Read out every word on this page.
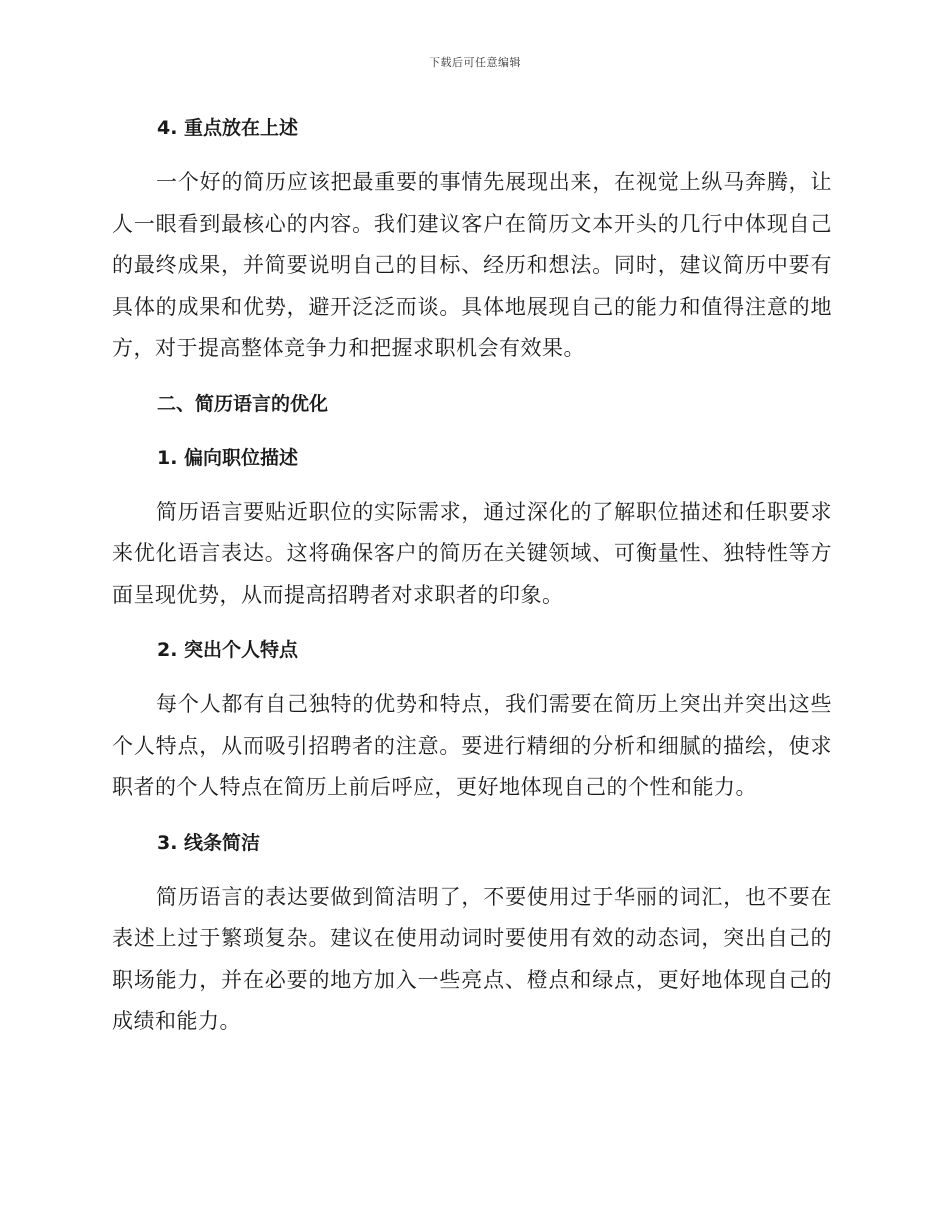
下载后可任意编辑
4. 重点放在上述

一个好的简历应该把最重要的事情先展现出来，在视觉上纵马奔腾，让人一眼看到最核心的内容。我们建议客户在简历文本开头的几行中体现自己的最终成果，并简要说明自己的目标、经历和想法。同时，建议简历中要有具体的成果和优势，避开泛泛而谈。具体地展现自己的能力和值得注意的地方，对于提高整体竞争力和把握求职机会有效果。

二、简历语言的优化
1. 偏向职位描述

简历语言要贴近职位的实际需求，通过深化的了解职位描述和任职要求来优化语言表达。这将确保客户的简历在关键领域、可衡量性、独特性等方面呈现优势，从而提高招聘者对求职者的印象。

2. 突出个人特点

每个人都有自己独特的优势和特点，我们需要在简历上突出并突出这些个人特点，从而吸引招聘者的注意。要进行精细的分析和细腻的描绘，使求职者的个人特点在简历上前后呼应，更好地体现自己的个性和能力。

3. 线条简洁

简历语言的表达要做到简洁明了，不要使用过于华丽的词汇，也不要在表述上过于繁琐复杂。建议在使用动词时要使用有效的动态词，突出自己的职场能力，并在必要的地方加入一些亮点、橙点和绿点，更好地体现自己的成绩和能力。
